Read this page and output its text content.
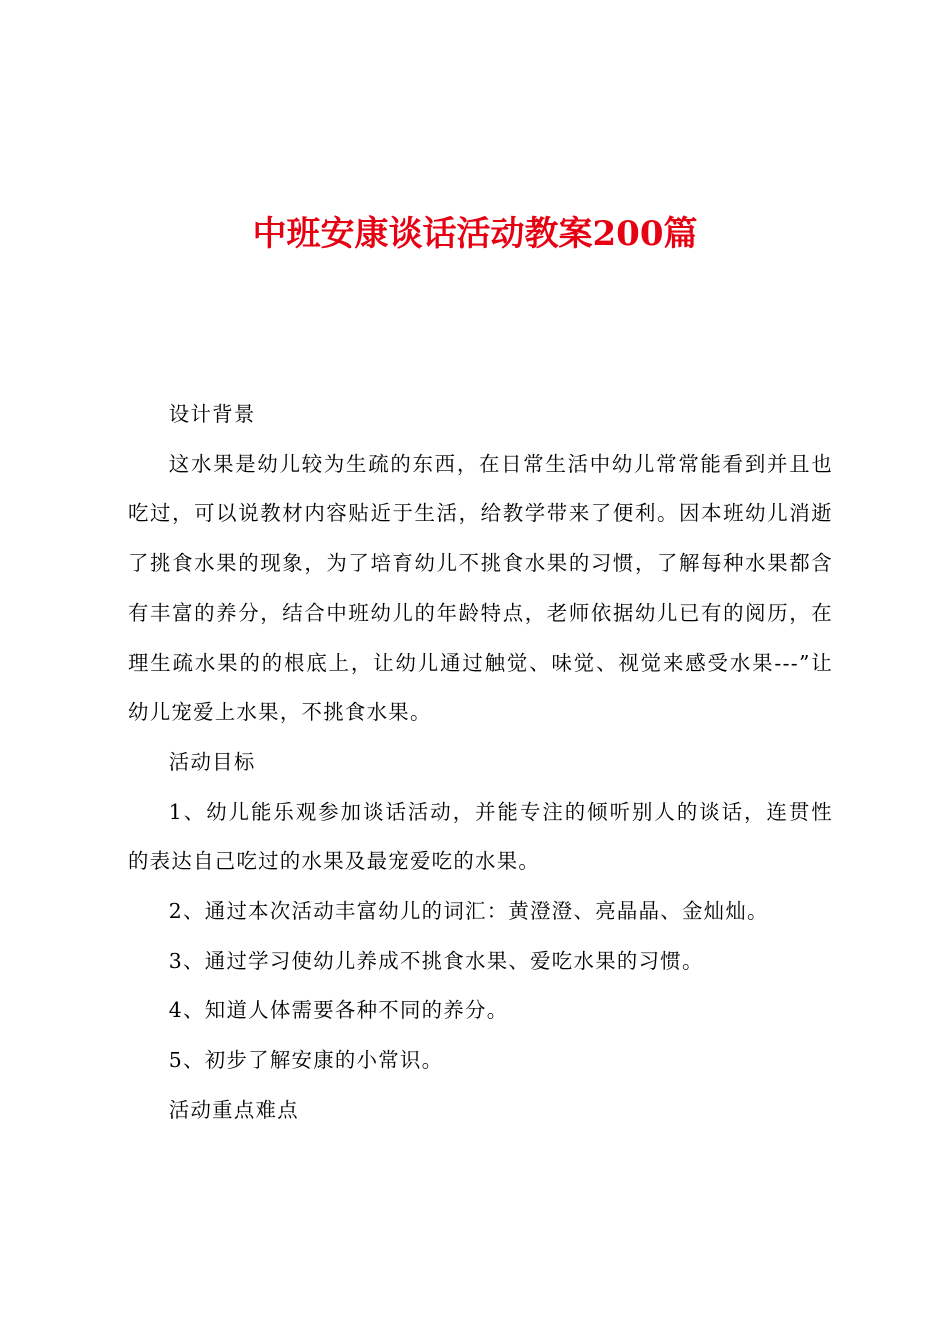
中班安康谈话活动教案200篇

设计背景

这水果是幼儿较为生疏的东西，在日常生活中幼儿常常能看到并且也吃过，可以说教材内容贴近于生活，给教学带来了便利。因本班幼儿消逝了挑食水果的现象，为了培育幼儿不挑食水果的习惯，了解每种水果都含有丰富的养分，结合中班幼儿的年龄特点，老师依据幼儿已有的阅历，在理生疏水果的的根底上，让幼儿通过触觉、味觉、视觉来感受水果---”让幼儿宠爱上水果，不挑食水果。

活动目标

1、幼儿能乐观参加谈话活动，并能专注的倾听别人的谈话，连贯性的表达自己吃过的水果及最宠爱吃的水果。

2、通过本次活动丰富幼儿的词汇：黄澄澄、亮晶晶、金灿灿。

3、通过学习使幼儿养成不挑食水果、爱吃水果的习惯。

4、知道人体需要各种不同的养分。

5、初步了解安康的小常识。

活动重点难点
